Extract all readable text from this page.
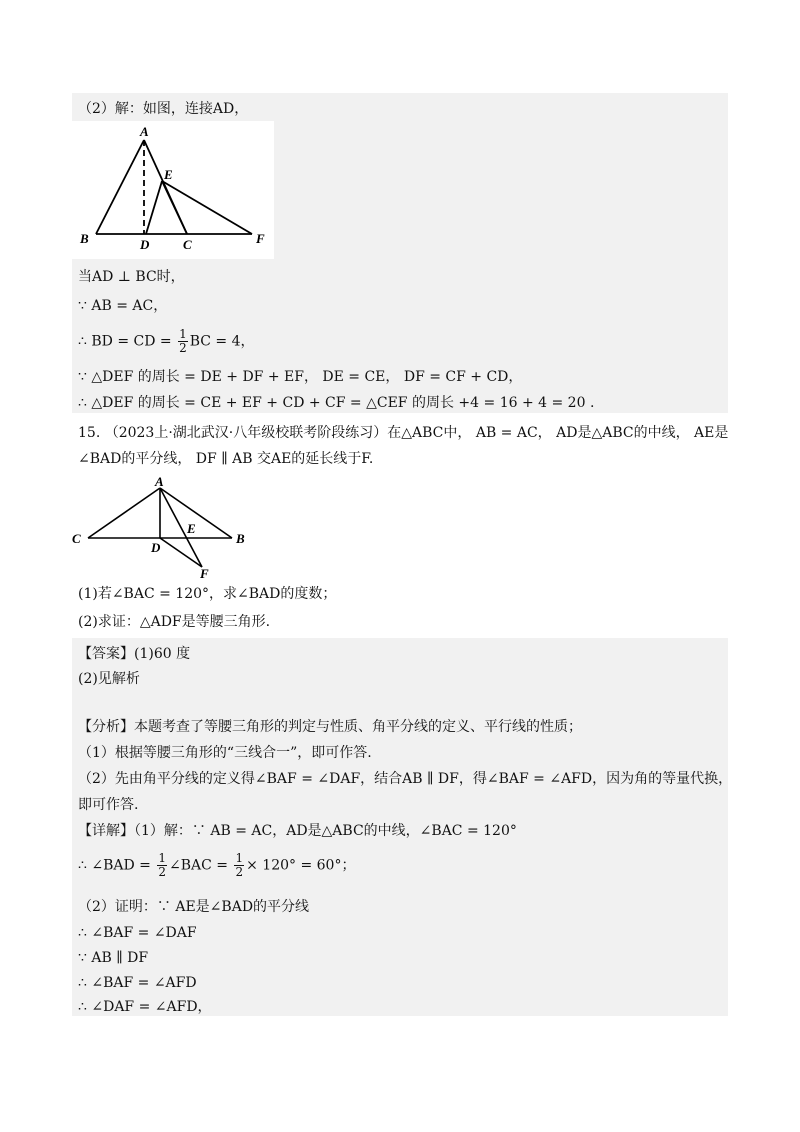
（2）解：如图，连接AD，
A
E
B	D	C	F
当AD ⊥ BC时，
∵ AB = AC，
∴ BD = CD = $\frac{1}{2}$ BC = 4，
∵ △DEF 的周长 = DE + DF + EF， DE = CE， DF = CF + CD，
∴ △DEF 的周长 = CE + EF + CD + CF = △CEF 的周长 +4 = 16 + 4 = 20 .
15. （2023上·湖北武汉·八年级校联考阶段练习）在△ABC中， AB = AC， AD是△ABC的中线， AE是
∠BAD的平分线， DF ∥ AB 交AE的延长线于F.
A
C	B
E
D
F
(1)若∠BAC = 120°，求∠BAD的度数；
(2)求证：△ADF是等腰三角形.
【答案】(1)60 度
(2)见解析
【分析】本题考查了等腰三角形的判定与性质、角平分线的定义、平行线的性质；
（1）根据等腰三角形的“三线合一”，即可作答.
（2）先由角平分线的定义得∠BAF = ∠DAF，结合AB ∥ DF，得∠BAF = ∠AFD，因为角的等量代换，
即可作答.
【详解】（1）解：∵ AB = AC，AD是△ABC的中线，∠BAC = 120°
∴ ∠BAD = $\frac{1}{2}$ ∠BAC = $\frac{1}{2} \times 120^\circ = 60^\circ$；
（2）证明：∵ AE是∠BAD的平分线
∴ ∠BAF = ∠DAF
∵ AB ∥ DF
∴ ∠BAF = ∠AFD
∴ ∠DAF = ∠AFD，
